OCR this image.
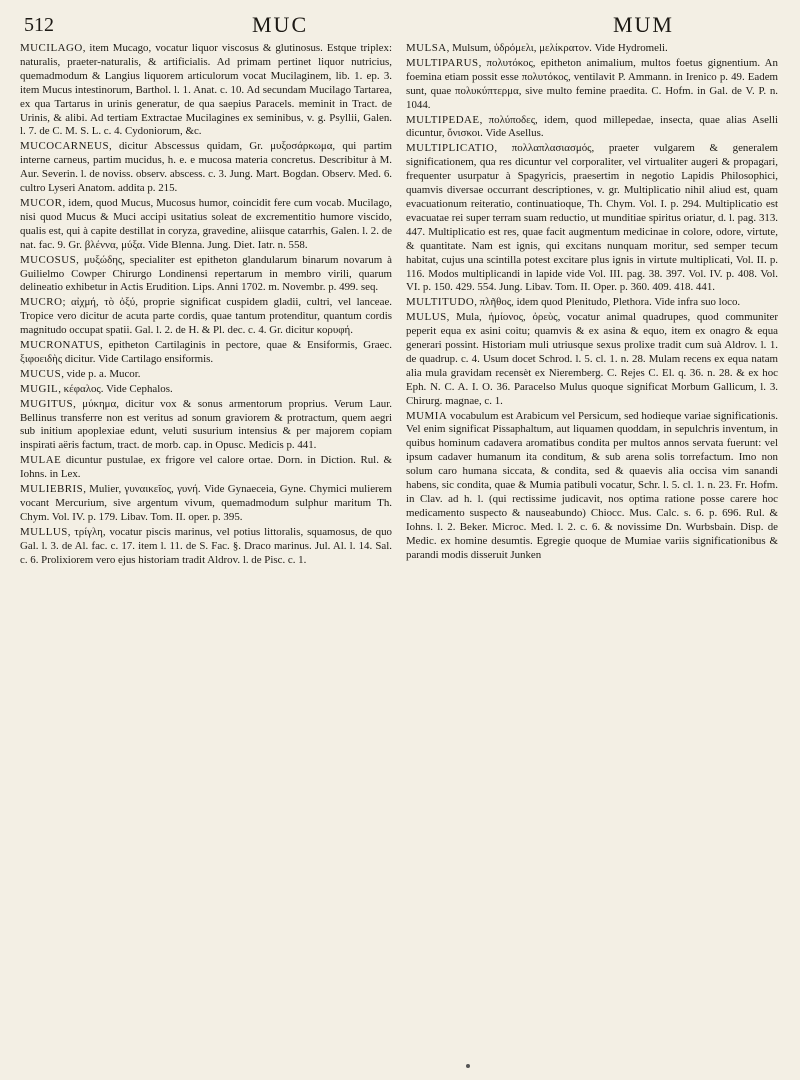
512	MUC	MUM

MUCILAGO, item Mucago, vocatur liquor viscosus & glutinosus. Estque triplex: naturalis, praeter-naturalis, & artificialis. Ad primam pertinet liquor nutricius, quemadmodum & Langius liquorem articulorum vocat Mucilaginem, lib. 1. ep. 3. item Mucus intestinorum, Barthol. l. 1. Anat. c. 10. Ad secundam Mucilago Tartarea, ex qua Tartarus in urinis generatur, de qua saepius Paracels. meminit in Tract. de Urinis, & alibi. Ad tertiam Extractae Mucilagines ex seminibus, v. g. Psyllii, Galen. l. 7. de C. M. S. L. c. 4. Cydoniorum, &c.

MUCOCARNEUS, dicitur Abscessus quidam, Gr. μυξοσάρκωμα, qui partim interne carneus, partim mucidus, h. e. e mucosa materia concretus. Describitur à M. Aur. Severin. l. de noviss. observ. abscess. c. 3. Jung. Mart. Bogdan. Observ. Med. 6. cultro Lyseri Anatom. addita p. 215.

MUCOR, idem, quod Mucus, Mucosus humor, coincidit fere cum vocab. Mucilago, nisi quod Mucus & Muci accipi usitatius soleat de excrementitio humore viscido, qualis est, qui à capite destillat in coryza, gravedine, aliisque catarrhis, Galen. l. 2. de nat. fac. 9. Gr. βλέννα, μύξα. Vide Blenna. Jung. Diet. Iatr. n. 558.

MUCOSUS, μυξώδης, specialiter est epitheton glandularum binarum novarum à Guilielmo Cowper Chirurgo Londinensi repertarum in membro virili, quarum delineatio exhibetur in Actis Erudition. Lips. Anni 1702. m. Novembr. p. 499. seq.

MUCRO; αἰχμή, τὸ ὀξύ, proprie significat cuspidem gladii, cultri, vel lanceae. Tropice vero dicitur de acuta parte cordis, quae tantum protenditur, quantum cordis magnitudo occupat spatii. Gal. l. 2. de H. & Pl. dec. c. 4. Gr. dicitur κορυφή.

MUCRONATUS, epitheton Cartilaginis in pectore, quae & Ensiformis, Graec. ξιφοειδὴς dicitur. Vide Cartilago ensiformis.

MUCUS, vide p. a. Mucor.

MUGIL, κέφαλος. Vide Cephalos.

MUGITUS, μύκημα, dicitur vox & sonus armentorum proprius. Verum Laur. Bellinus transferre non est veritus ad sonum graviorem & protractum, quem aegri sub initium apoplexiae edunt, veluti susurium intensius & per majorem copiam inspirati aëris factum, tract. de morb. cap. in Opusc. Medicis p. 441.

MULAE dicuntur pustulae, ex frigore vel calore ortae. Dorn. in Diction. Rul. & Iohns. in Lex.

MULIEBRIS, Mulier, γυναικεῖος, γυνή. Vide Gynaeceia, Gyne. Chymici mulierem vocant Mercurium, sive argentum vivum, quemadmodum sulphur maritum Th. Chym. Vol. IV. p. 179. Libav. Tom. II. oper. p. 395.

MULLUS, τρίγλη, vocatur piscis marinus, vel potius littoralis, squamosus, de quo Gal. l. 3. de Al. fac. c. 17. item l. 11. de S. Fac. §. Draco marinus. Jul. Al. l. 14. Sal. c. 6. Prolixiorem vero ejus historiam tradit Aldrov. l. de Pisc. c. 1.

MULSA, Mulsum, ὑδρόμελι, μελίκρατον. Vide Hydromeli.

MULTIPARUS, πολυτόκος, epitheton animalium, multos foetus gignentium. An foemina etiam possit esse πολυτόκος, ventilavit P. Ammann. in Irenico p. 49. Eadem sunt, quae πολυκύπτερμα, sive multo femine praedita. C. Hofm. in Gal. de V. P. n. 1044.

MULTIPEDAE, πολύποδες, idem, quod millepedae, insecta, quae alias Aselli dicuntur, ὄνισκοι. Vide Asellus.

MULTIPLICATIO, πολλαπλασιασμός, praeter vulgarem & generalem significationem, qua res dicuntur vel corporaliter, vel virtualiter augeri & propagari, frequenter usurpatur à Spagyricis, praesertim in negotio Lapidis Philosophici, quamvis diversae occurrant descriptiones, v. gr. Multiplicatio nihil aliud est, quam evacuationum reiteratio, continuatioque, Th. Chym. Vol. I. p. 294. Multiplicatio est evacuatae rei super terram suam reductio, ut munditiae spiritus oriatur, d. l. pag. 313. 447. Multiplicatio est res, quae facit augmentum medicinae in colore, odore, virtute, & quantitate. Nam est ignis, qui excitans nunquam moritur, sed semper tecum habitat, cujus una scintilla potest excitare plus ignis in virtute multiplicati, Vol. II. p. 116. Modos multiplicandi in lapide vide Vol. III. pag. 38. 397. Vol. IV. p. 408. Vol. VI. p. 150. 429. 554. Jung. Libav. Tom. II. Oper. p. 360. 409. 418. 441.

MULTITUDO, πλῆθος, idem quod Plenitudo, Plethora. Vide infra suo loco.

MULUS, Mula, ἡμίονος, ὀρεὺς, vocatur animal quadrupes, quod communiter peperit equa ex asini coitu; quamvis & ex asina & equo, item ex onagro & equa generari possint. Historiam muli utriusque sexus prolixe tradit cum suà Aldrov. l. 1. de quadrup. c. 4. Usum docet Schrod. l. 5. cl. 1. n. 28. Mulam recens ex equa natam alia mula gravidam recensèt ex Nieremberg. C. Rejes C. El. q. 36. n. 28. & ex hoc Eph. N. C. A. I. O. 36. Paracelso Mulus quoque significat Morbum Gallicum, l. 3. Chirurg. magnae, c. 1.

MUMIA vocabulum est Arabicum vel Persicum, sed hodieque variae significationis. Vel enim significat Pissaphaltum, aut liquamen quoddam, in sepulchris inventum, in quibus hominum cadavera aromatibus condita per multos annos servata fuerunt: vel ipsum cadaver humanum ita conditum, & sub arena solis torrefactum. Imo non solum caro humana siccata, & condita, sed & quaevis alia occisa vim sanandi habens, sic condita, quae & Mumia patibuli vocatur, Schr. l. 5. cl. 1. n. 23. Fr. Hofm. in Clav. ad h. l. (qui rectissime judicavit, nos optima ratione posse carere hoc medicamento suspecto & nauseabundo) Chiocc. Mus. Calc. s. 6. p. 696. Rul. & Iohns. l. 2. Beker. Microc. Med. l. 2. c. 6. & novissime Dn. Wurbsbain. Disp. de Medic. ex homine desumtis. Egregie quoque de Mumiae variis significationibus & parandi modis disseruit Junken
